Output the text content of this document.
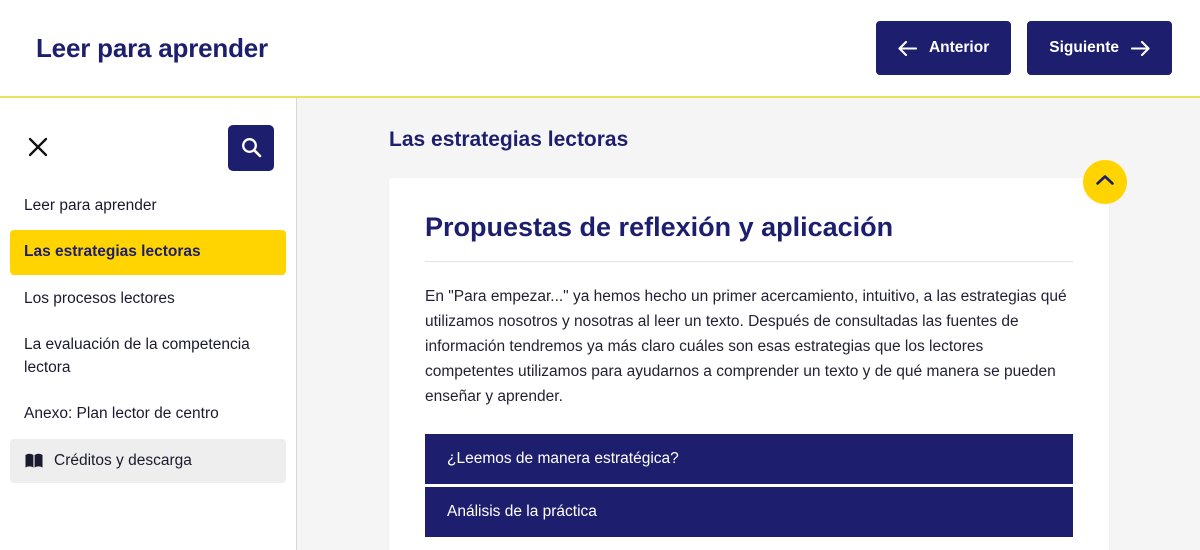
Leer para aprender	Anterior	Siguiente
Leer para aprender
Las estrategias lectoras
Los procesos lectores
La evaluación de la competencia lectora
Anexo: Plan lector de centro
Créditos y descarga
Las estrategias lectoras
Propuestas de reflexión y aplicación

En "Para empezar..." ya hemos hecho un primer acercamiento, intuitivo, a las estrategias qué utilizamos nosotros y nosotras al leer un texto. Después de consultadas las fuentes de información tendremos ya más claro cuáles son esas estrategias que los lectores competentes utilizamos para ayudarnos a comprender un texto y de qué manera se pueden enseñar y aprender.

¿Leemos de manera estratégica?
Análisis de la práctica
